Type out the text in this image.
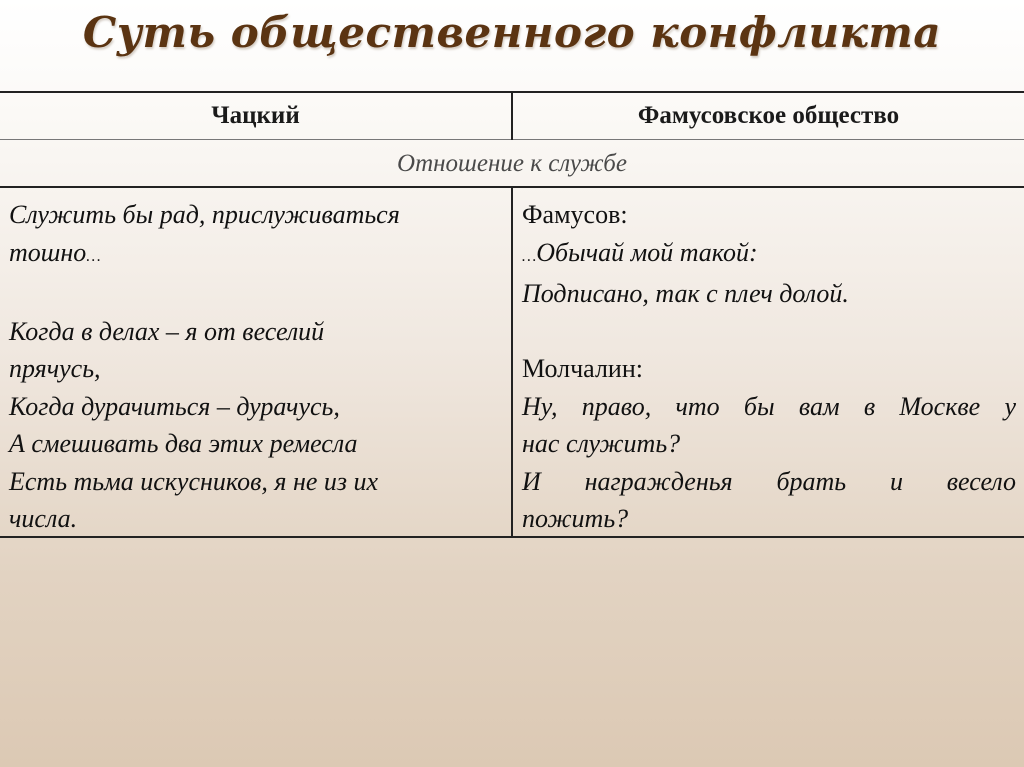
Суть общественного конфликта
Чацкий	Фамусовское общество
Отношение к службе
Служить бы рад, прислуживаться
тошно…
Когда в делах – я от веселий
прячусь,
Когда дурачиться – дурачусь,
А смешивать два этих ремесла
Есть тьма искусников, я не из их
числа.
Фамусов:
…Обычай мой такой:
Подписано, так с плеч долой.
Молчалин:
Ну, право, что бы вам в Москве у
нас служить?
И награжденья брать и весело
пожить?
